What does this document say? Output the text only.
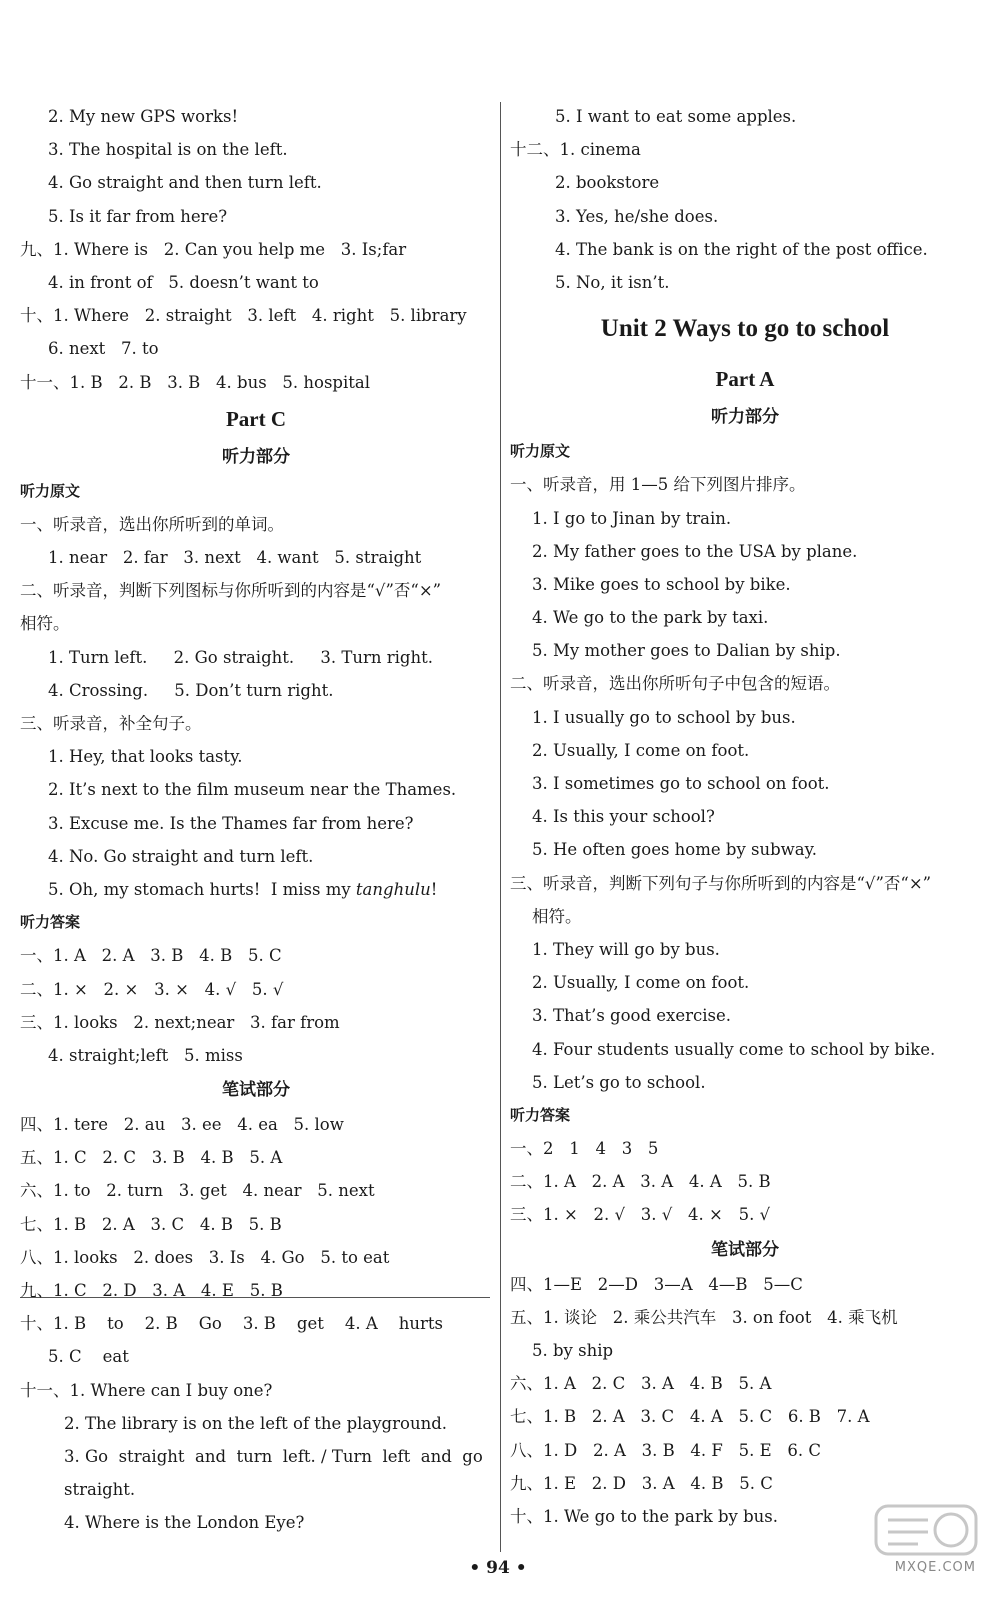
2. My new GPS works!
3. The hospital is on the left.
4. Go straight and then turn left.
5. Is it far from here?
九、1. Where is   2. Can you help me   3. Is;far
4. in front of   5. doesn’t want to
十、1. Where   2. straight   3. left   4. right   5. library
6. next   7. to
十一、1. B   2. B   3. B   4. bus   5. hospital
Part C
听力部分
听力原文
一、听录音，选出你所听到的单词。
1. near   2. far   3. next   4. want   5. straight
二、听录音，判断下列图标与你所听到的内容是“√”否“×”
相符。
1. Turn left.     2. Go straight.     3. Turn right.
4. Crossing.     5. Don’t turn right.
三、听录音，补全句子。
1. Hey, that looks tasty.
2. It’s next to the film museum near the Thames.
3. Excuse me. Is the Thames far from here?
4. No. Go straight and turn left.
5. Oh, my stomach hurts!  I miss my tanghulu!
听力答案
一、1. A   2. A   3. B   4. B   5. C
二、1. ×   2. ×   3. ×   4. √   5. √
三、1. looks   2. next;near   3. far from
4. straight;left   5. miss
笔试部分
四、1. tere   2. au   3. ee   4. ea   5. low
五、1. C   2. C   3. B   4. B   5. A
六、1. to   2. turn   3. get   4. near   5. next
七、1. B   2. A   3. C   4. B   5. B
八、1. looks   2. does   3. Is   4. Go   5. to eat
九、1. C   2. D   3. A   4. E   5. B
十、1. B    to    2. B    Go    3. B    get    4. A    hurts
5. C    eat
十一、1. Where can I buy one?
2. The library is on the left of the playground.
3. Go  straight  and  turn  left. / Turn  left  and  go
straight.
4. Where is the London Eye?
5. I want to eat some apples.
十二、1. cinema
2. bookstore
3. Yes, he/she does.
4. The bank is on the right of the post office.
5. No, it isn’t.
Unit 2 Ways to go to school
Part A
听力部分
听力原文
一、听录音，用 1—5 给下列图片排序。
1. I go to Jinan by train.
2. My father goes to the USA by plane.
3. Mike goes to school by bike.
4. We go to the park by taxi.
5. My mother goes to Dalian by ship.
二、听录音，选出你所听句子中包含的短语。
1. I usually go to school by bus.
2. Usually, I come on foot.
3. I sometimes go to school on foot.
4. Is this your school?
5. He often goes home by subway.
三、听录音，判断下列句子与你所听到的内容是“√”否“×”
相符。
1. They will go by bus.
2. Usually, I come on foot.
3. That’s good exercise.
4. Four students usually come to school by bike.
5. Let’s go to school.
听力答案
一、2   1   4   3   5
二、1. A   2. A   3. A   4. A   5. B
三、1. ×   2. √   3. √   4. ×   5. √
笔试部分
四、1—E   2—D   3—A   4—B   5—C
五、1. 谈论   2. 乘公共汽车   3. on foot   4. 乘飞机
5. by ship
六、1. A   2. C   3. A   4. B   5. A
七、1. B   2. A   3. C   4. A   5. C   6. B   7. A
八、1. D   2. A   3. B   4. F   5. E   6. C
九、1. E   2. D   3. A   4. B   5. C
十、1. We go to the park by bus.
• 94 •	MXQE.COM
